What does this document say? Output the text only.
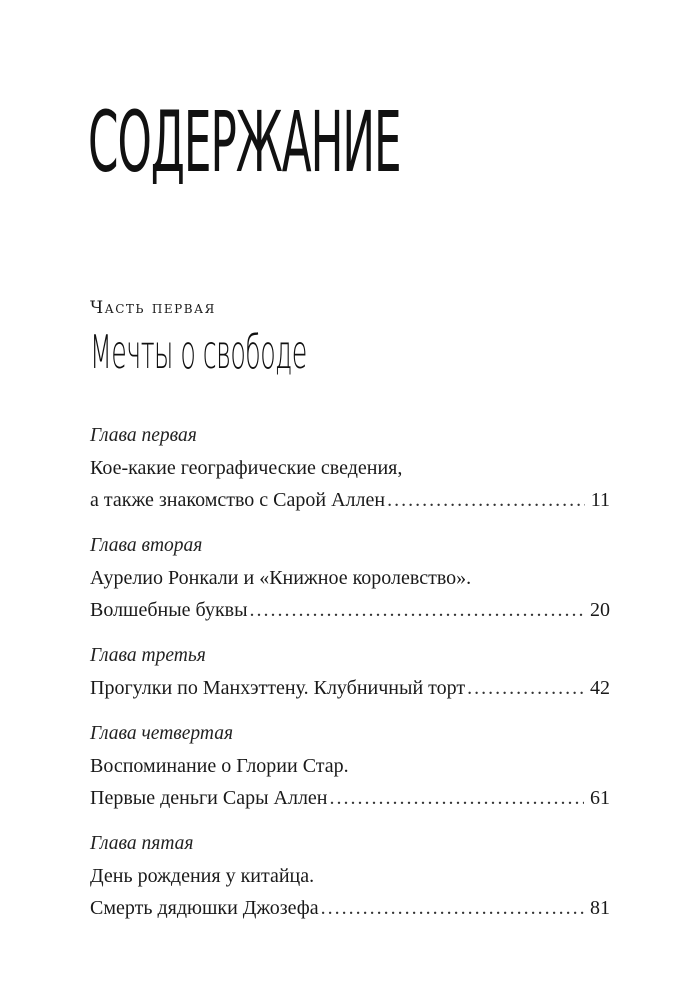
СОДЕРЖАНИЕ
Часть первая
Мечты о свободе
Глава первая
Кое-какие географические сведения,
а также знакомство с Сарой Аллен .....	11
Глава вторая
Аурелио Ронкали и «Книжное королевство».
Волшебные буквы .....	20
Глава третья
Прогулки по Манхэттену. Клубничный торт .....	42
Глава четвертая
Воспоминание о Глории Стар.
Первые деньги Сары Аллен .....	61
Глава пятая
День рождения у китайца.
Смерть дядюшки Джозефа .....	81
